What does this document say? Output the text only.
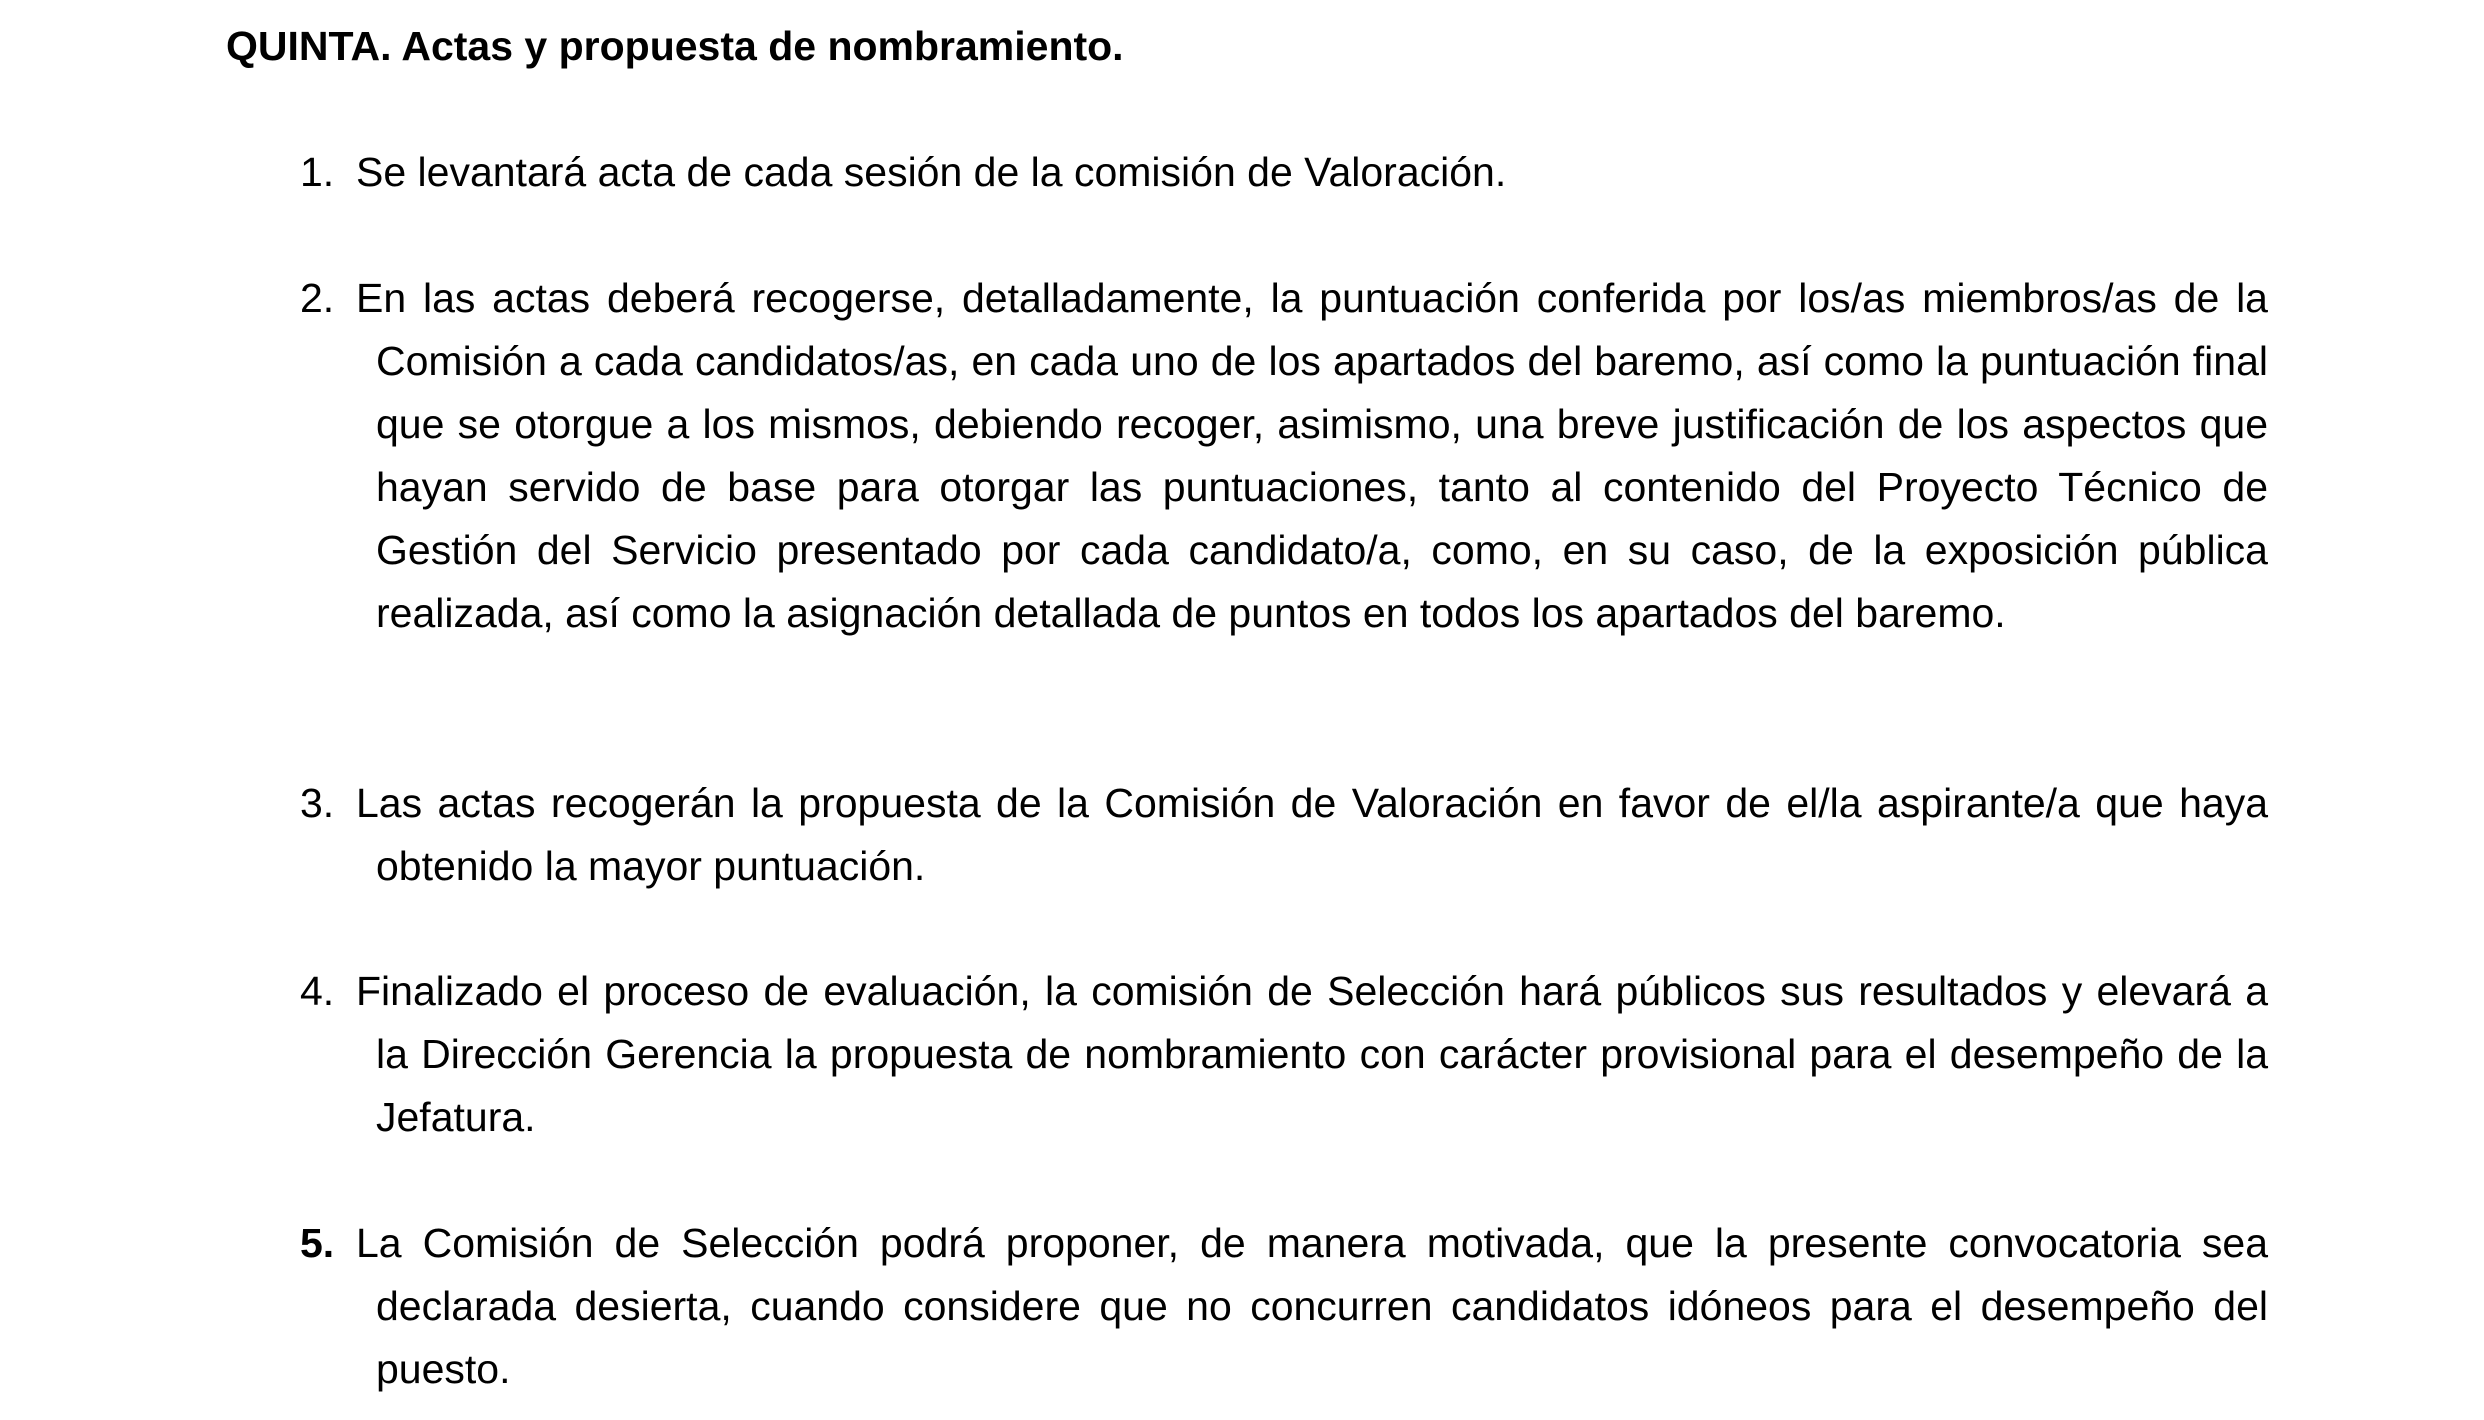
QUINTA. Actas y propuesta de nombramiento.
1. Se levantará acta de cada sesión de la comisión de Valoración.
2. En las actas deberá recogerse, detalladamente, la puntuación conferida por los/as miembros/as de la Comisión a cada candidatos/as, en cada uno de los apartados del baremo, así como la puntuación final que se otorgue a los mismos, debiendo recoger, asimismo, una breve justificación de los aspectos que hayan servido de base para otorgar las puntuaciones, tanto al contenido del Proyecto Técnico de Gestión del Servicio presentado por cada candidato/a, como, en su caso, de la exposición pública realizada, así como la asignación detallada de puntos en todos los apartados del baremo.
3. Las actas recogerán la propuesta de la Comisión de Valoración en favor de el/la aspirante/a que haya obtenido la mayor puntuación.
4. Finalizado el proceso de evaluación, la comisión de Selección hará públicos sus resultados y elevará a la Dirección Gerencia la propuesta de nombramiento con carácter provisional para el desempeño de la Jefatura.
5. La Comisión de Selección podrá proponer, de manera motivada, que la presente convocatoria sea declarada desierta, cuando considere que no concurren candidatos idóneos para el desempeño del puesto.
